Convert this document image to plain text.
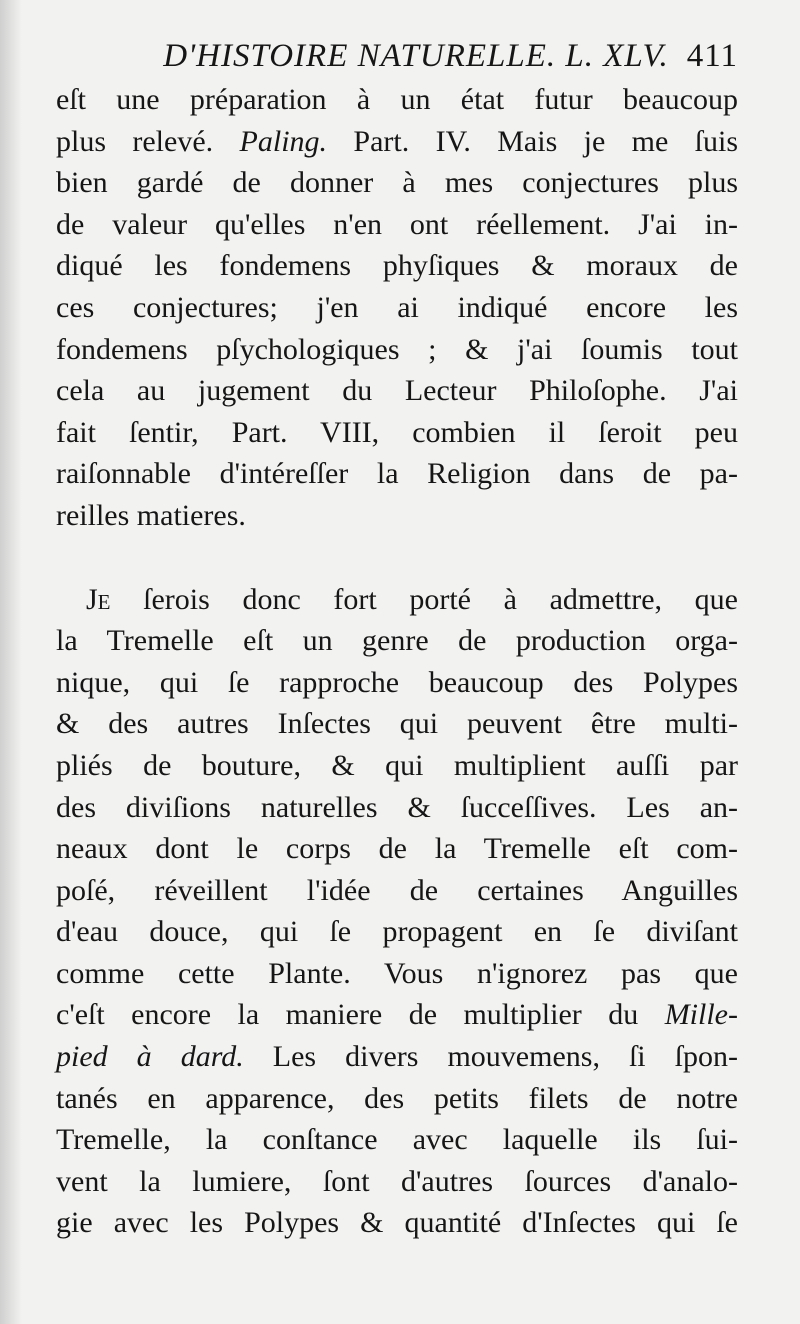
D'HISTOIRE NATURELLE. L. XLV. 411
eſt une préparation à un état futur beaucoup
plus relevé. Paling. Part. IV. Mais je me ſuis
bien gardé de donner à mes conjectures plus
de valeur qu'elles n'en ont réellement. J'ai in-
diqué les fondemens phyſiques & moraux de
ces conjectures; j'en ai indiqué encore les
fondemens pſychologiques ; & j'ai ſoumis tout
cela au jugement du Lecteur Philoſophe. J'ai
fait ſentir, Part. VIII, combien il ſeroit peu
raiſonnable d'intéreſſer la Religion dans de pa-
reilles matieres.
Je ſerois donc fort porté à admettre, que
la Tremelle eſt un genre de production orga-
nique, qui ſe rapproche beaucoup des Polypes
& des autres Inſectes qui peuvent être multi-
pliés de bouture, & qui multiplient auſſi par
des diviſions naturelles & ſucceſſives. Les an-
neaux dont le corps de la Tremelle eſt com-
poſé, réveillent l'idée de certaines Anguilles
d'eau douce, qui ſe propagent en ſe diviſant
comme cette Plante. Vous n'ignorez pas que
c'eſt encore la maniere de multiplier du Mille-
pied à dard. Les divers mouvemens, ſi ſpon-
tanés en apparence, des petits filets de notre
Tremelle, la conſtance avec laquelle ils ſui-
vent la lumiere, ſont d'autres ſources d'analo-
gie avec les Polypes & quantité d'Inſectes qui ſe
